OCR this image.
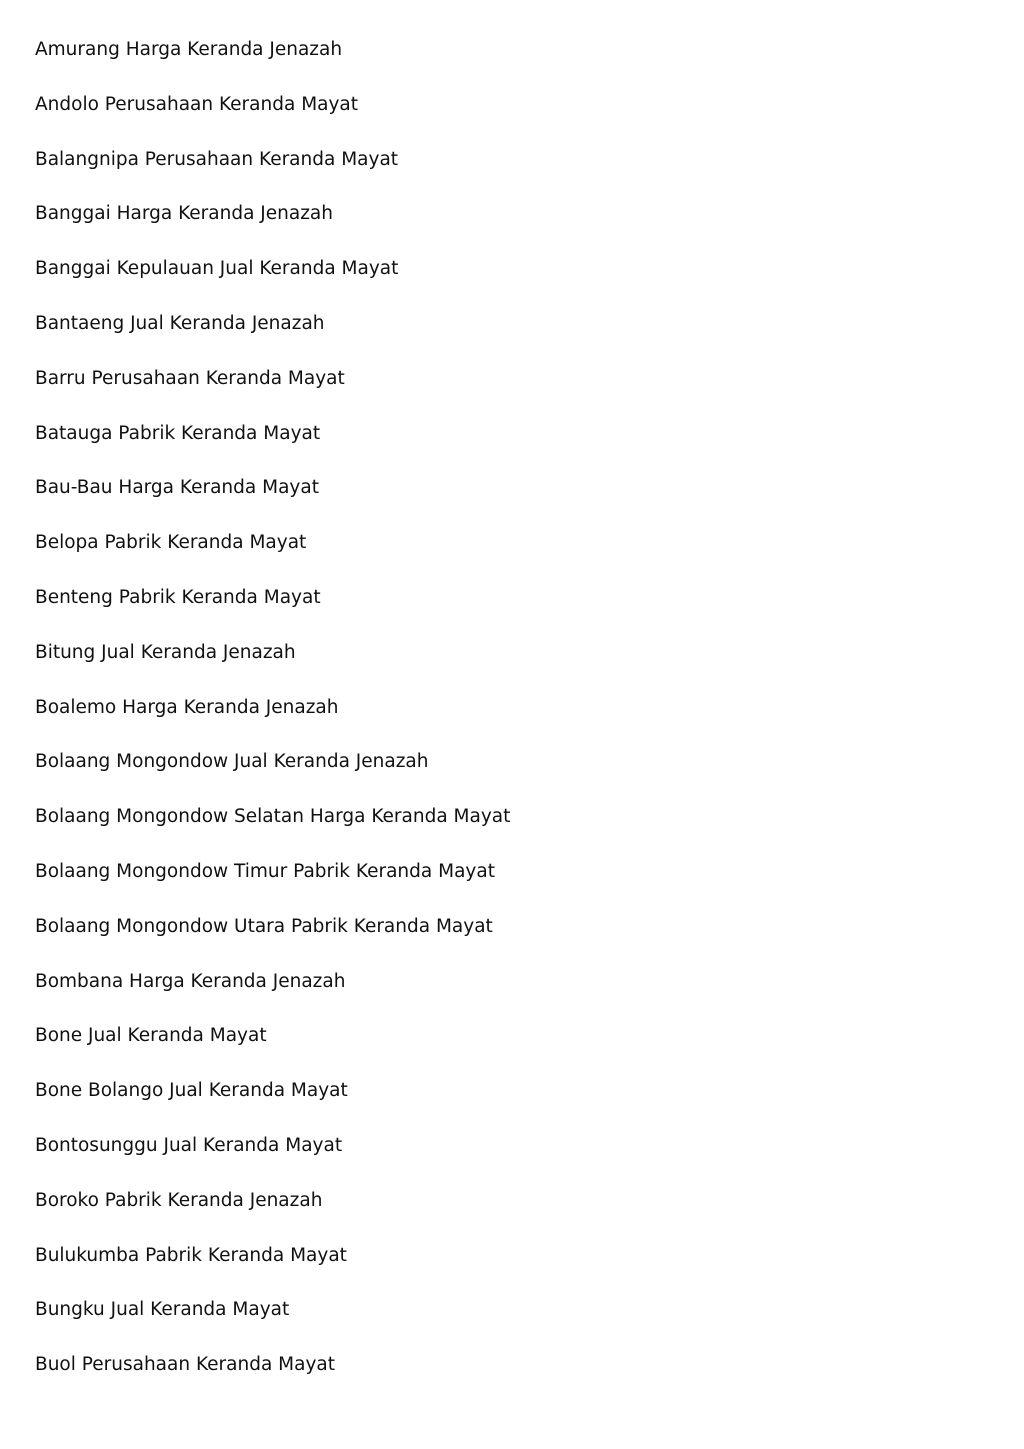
Amurang Harga Keranda Jenazah
Andolo Perusahaan Keranda Mayat
Balangnipa Perusahaan Keranda Mayat
Banggai Harga Keranda Jenazah
Banggai Kepulauan Jual Keranda Mayat
Bantaeng Jual Keranda Jenazah
Barru Perusahaan Keranda Mayat
Batauga Pabrik Keranda Mayat
Bau-Bau Harga Keranda Mayat
Belopa Pabrik Keranda Mayat
Benteng Pabrik Keranda Mayat
Bitung Jual Keranda Jenazah
Boalemo Harga Keranda Jenazah
Bolaang Mongondow Jual Keranda Jenazah
Bolaang Mongondow Selatan Harga Keranda Mayat
Bolaang Mongondow Timur Pabrik Keranda Mayat
Bolaang Mongondow Utara Pabrik Keranda Mayat
Bombana Harga Keranda Jenazah
Bone Jual Keranda Mayat
Bone Bolango Jual Keranda Mayat
Bontosunggu Jual Keranda Mayat
Boroko Pabrik Keranda Jenazah
Bulukumba Pabrik Keranda Mayat
Bungku Jual Keranda Mayat
Buol Perusahaan Keranda Mayat
